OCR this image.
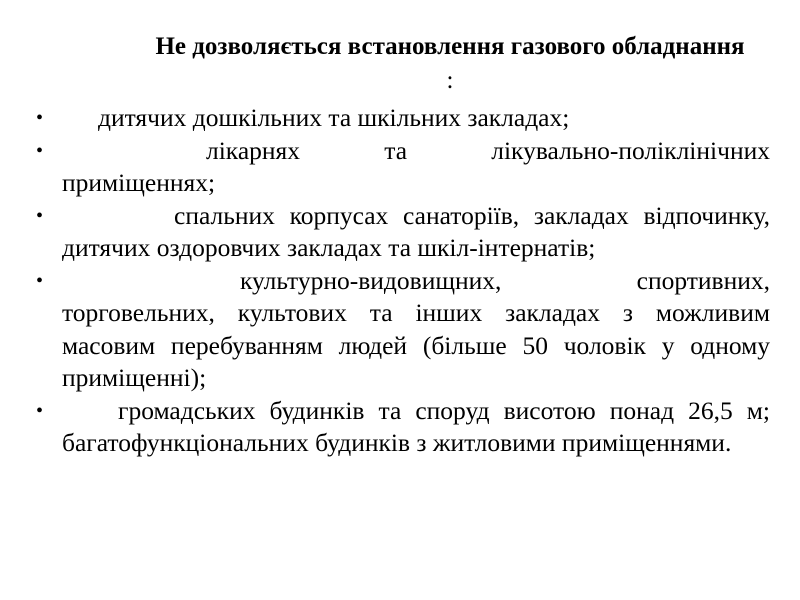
Не дозволяється встановлення газового обладнання :
•	дитячих дошкільних та шкільних закладах;
•	лікарнях та лікувально-поліклінічних приміщеннях;
•	спальних корпусах санаторіїв, закладах відпочинку, дитячих оздоровчих закладах та шкіл-інтернатів;
•	культурно-видовищних, спортивних, торговельних, культових та інших закладах з можливим масовим перебуванням людей (більше 50 чоловік у одному приміщенні);
•	громадських будинків та споруд висотою понад 26,5 м; багатофункціональних будинків з житловими приміщеннями.
